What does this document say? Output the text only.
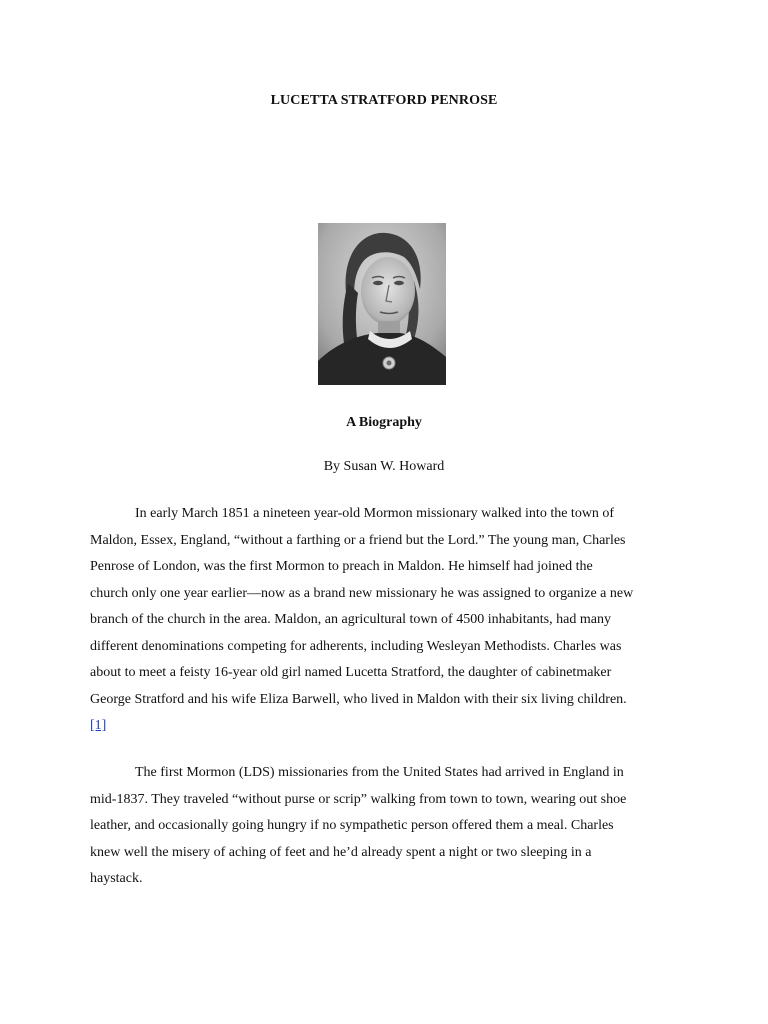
LUCETTA STRATFORD PENROSE
A Biography
By Susan W. Howard
In early March 1851 a nineteen year-old Mormon missionary walked into the town of
Maldon, Essex, England, “without a farthing or a friend but the Lord.” The young man, Charles
Penrose of London, was the first Mormon to preach in Maldon. He himself had joined the
church only one year earlier—now as a brand new missionary he was assigned to organize a new
branch of the church in the area. Maldon, an agricultural town of 4500 inhabitants, had many
different denominations competing for adherents, including Wesleyan Methodists. Charles was
about to meet a feisty 16-year old girl named Lucetta Stratford, the daughter of cabinetmaker
George Stratford and his wife Eliza Barwell, who lived in Maldon with their six living children.
[1]
The first Mormon (LDS) missionaries from the United States had arrived in England in
mid-1837. They traveled “without purse or scrip” walking from town to town, wearing out shoe
leather, and occasionally going hungry if no sympathetic person offered them a meal. Charles
knew well the misery of aching of feet and he’d already spent a night or two sleeping in a
haystack.
